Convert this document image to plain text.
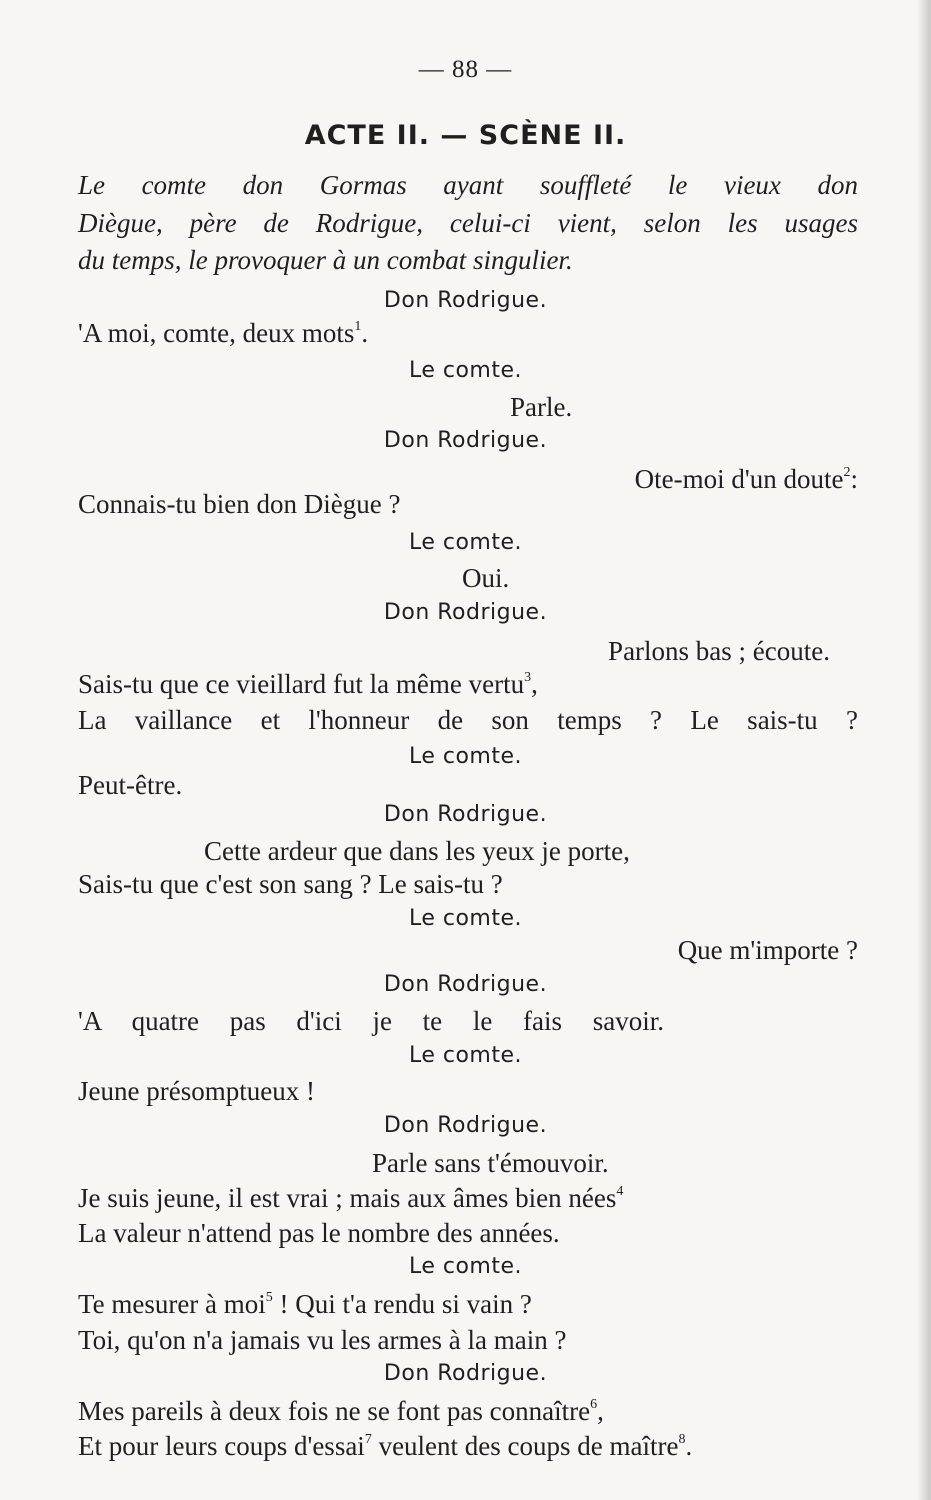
— 88 —
ACTE II. — SCÈNE II.
Le comte don Gormas ayant souffleté le vieux don
Diègue, père de Rodrigue, celui-ci vient, selon les usages
du temps, le provoquer à un combat singulier.
Don Rodrigue.
'A moi, comte, deux mots$^1$.
Le comte.
Parle.
Don Rodrigue.
Ote-moi d'un doute$^2$:
Connais-tu bien don Diègue ?
Le comte.
Oui.
Don Rodrigue.
Parlons bas ; écoute.
Sais-tu que ce vieillard fut la même vertu$^3$,
La vaillance et l'honneur de son temps ? Le sais-tu ?
Le comte.
Peut-être.
Don Rodrigue.
Cette ardeur que dans les yeux je porte,
Sais-tu que c'est son sang ? Le sais-tu ?
Le comte.
Que m'importe ?
Don Rodrigue.
'A quatre pas d'ici je te le fais savoir.
Le comte.
Jeune présomptueux !
Don Rodrigue.
Parle sans t'émouvoir.
Je suis jeune, il est vrai ; mais aux âmes bien nées$^4$
La valeur n'attend pas le nombre des années.
Le comte.
Te mesurer à moi$^5$ ! Qui t'a rendu si vain ?
Toi, qu'on n'a jamais vu les armes à la main ?
Don Rodrigue.
Mes pareils à deux fois ne se font pas connaître$^6$,
Et pour leurs coups d'essai$^7$ veulent des coups de maître$^8$.
